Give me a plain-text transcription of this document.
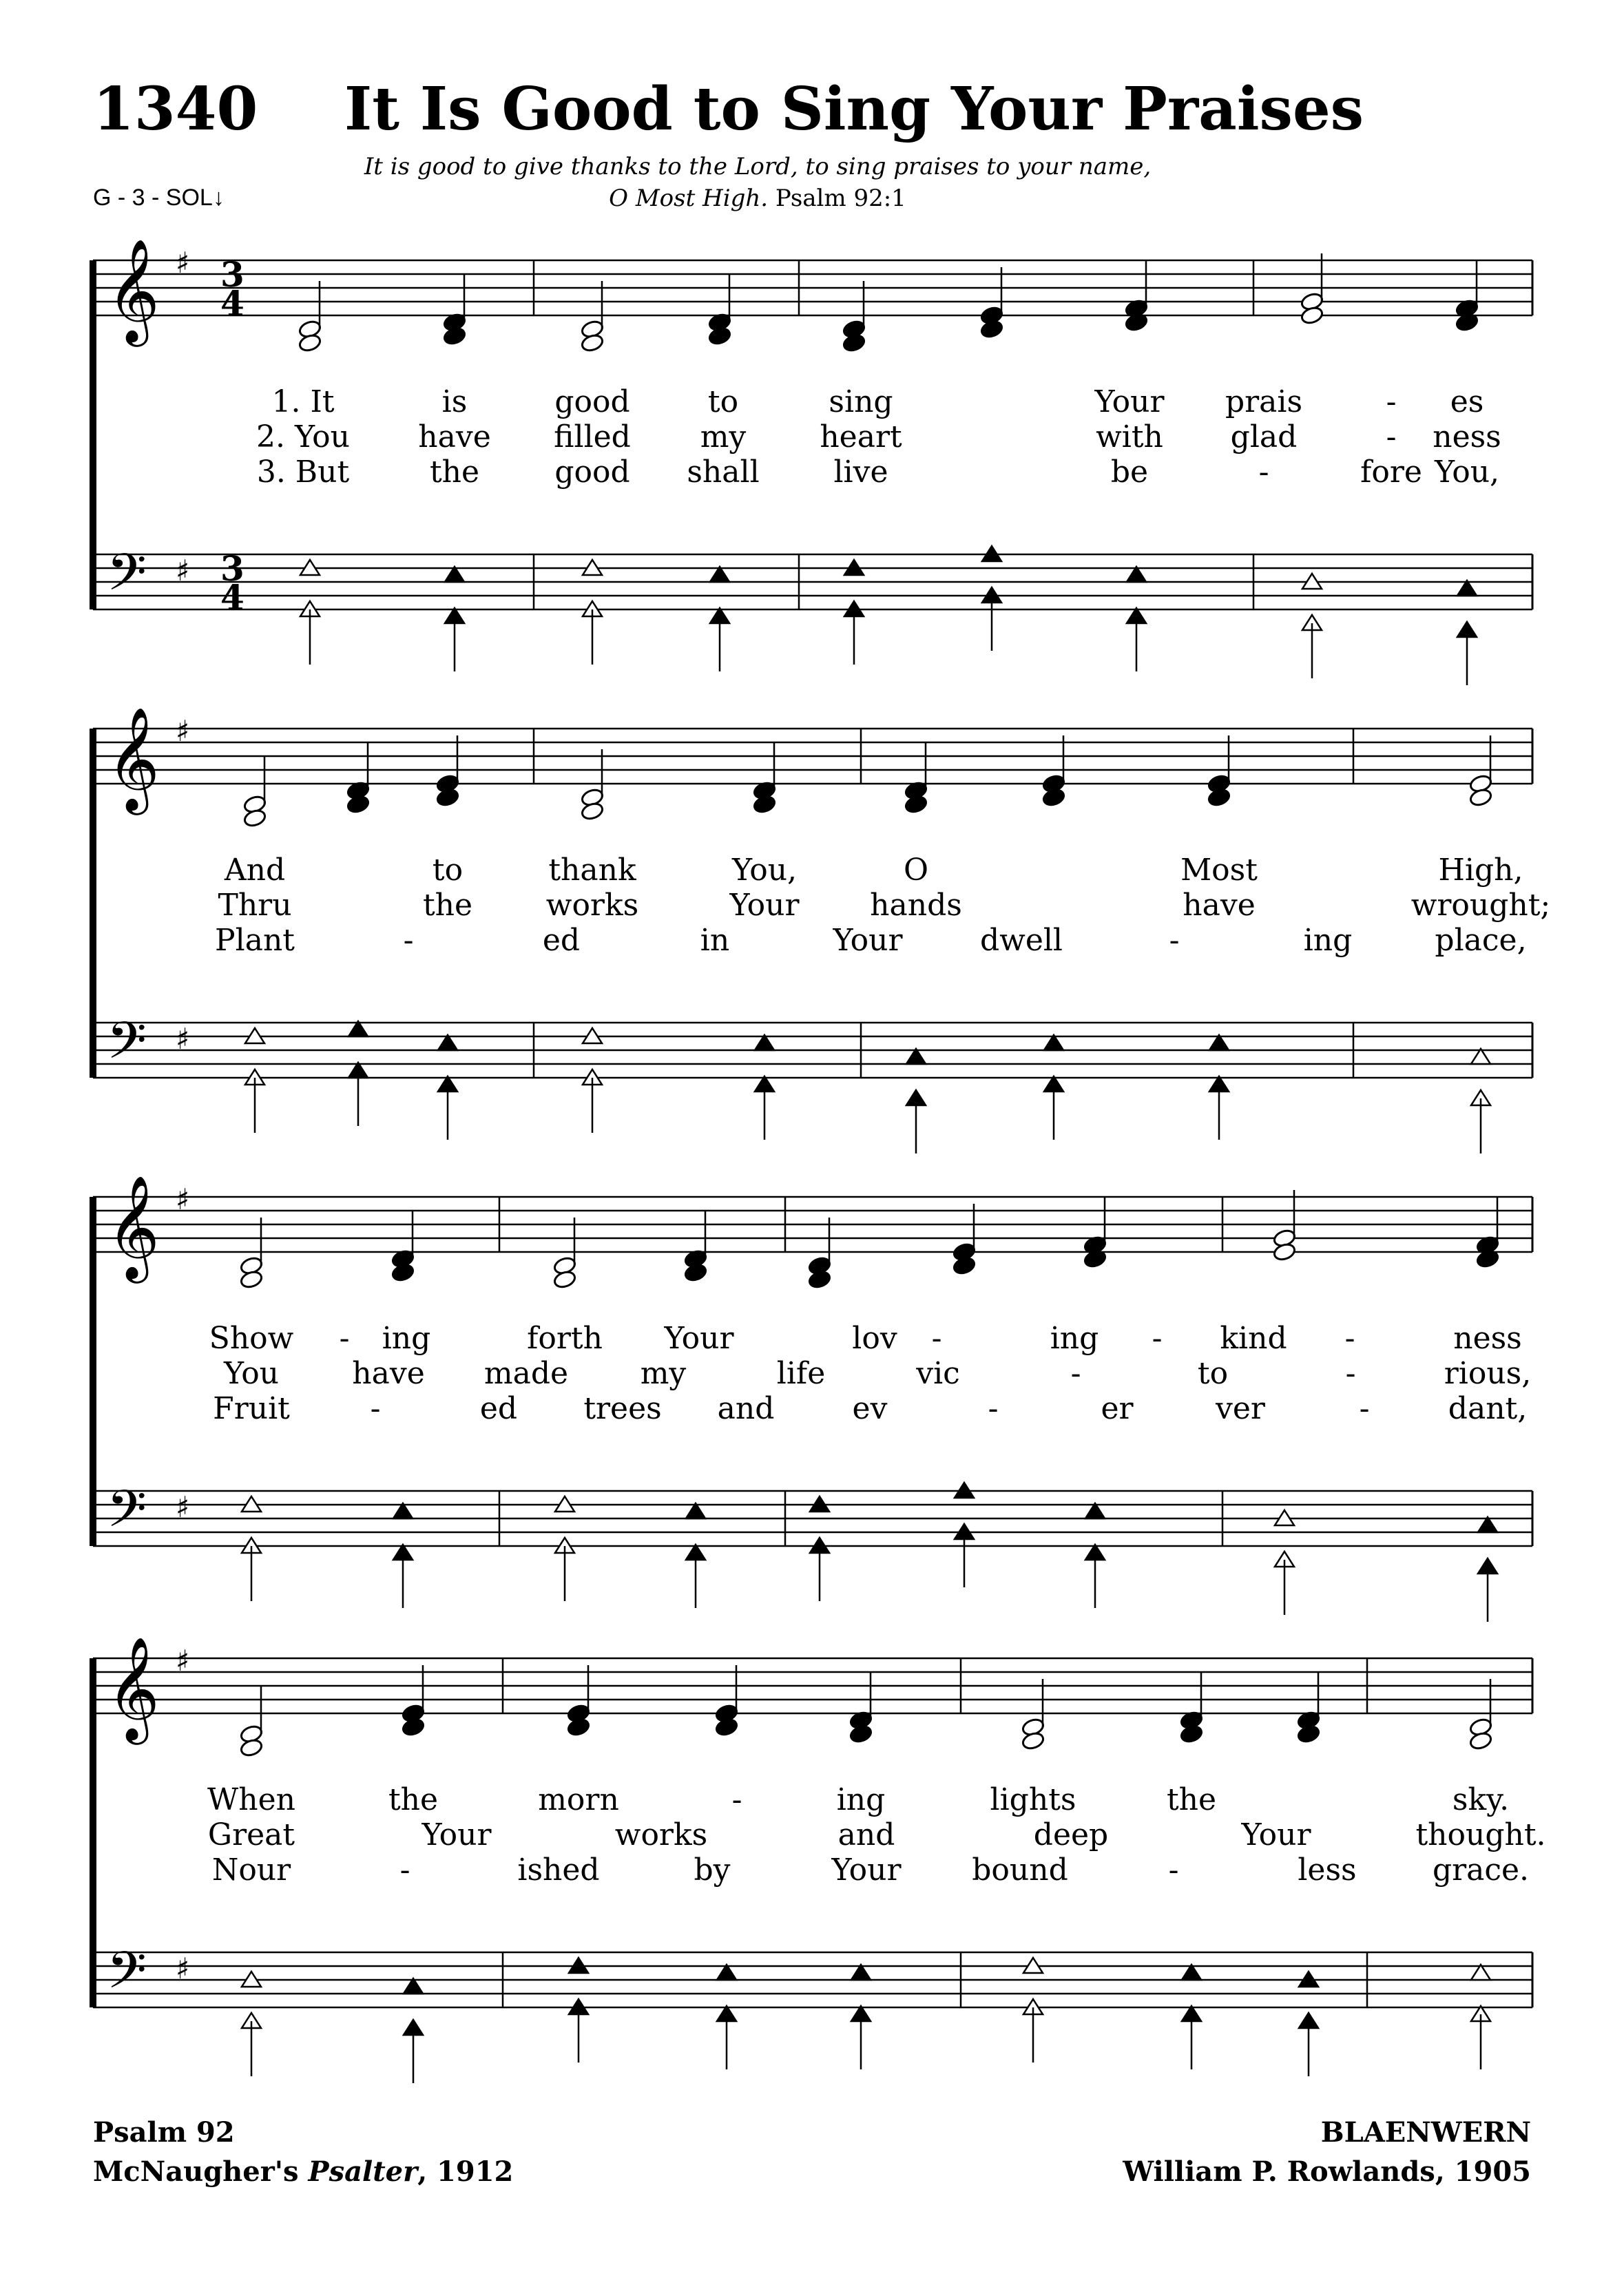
1340 It Is Good to Sing Your Praises
G - 3 - SOL↓
It is good to give thanks to the Lord, to sing praises to your name,
O Most High. Psalm 92:1
𝄞
𝄢
♯
♯
3
4
3
4
1. It	is	good	to	sing	Your prais	- es
2. You have filled my heart	with glad	- ness
3. But	the good shall live	be	-	fore You,
𝄞
𝄢
♯
♯
And	to	thank	You,	O	Most	High,
Thru	the works	Your hands	have	wrought;
Plant	-	ed	in	Your	dwell	-	ing	place,
𝄞
𝄢
♯
♯
Show - ing	forth Your	lov -	ing - kind -	ness
You have made my	life	vic	-	to	-	rious,
Fruit	-	ed trees and	ev	-	er	ver	-	dant,
𝄞
𝄢
♯
♯
When	the	morn	-	ing	lights	the	sky.
Great	Your	works	and	deep	Your	thought.
Nour	-	ished	by	Your bound	-	less	grace.
Psalm 92
McNaugher's Psalter, 1912
BLAENWERN
William P. Rowlands, 1905
